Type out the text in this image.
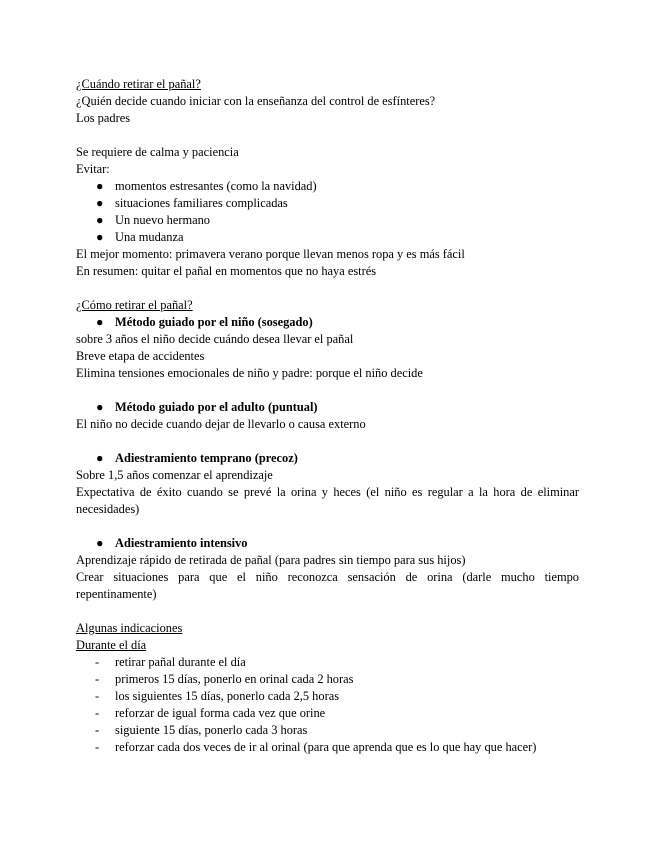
¿Cuándo retirar el pañal?

¿Quién decide cuando iniciar con la enseñanza del control de esfínteres?

Los padres

Se requiere de calma y paciencia

Evitar:

● momentos estresantes (como la navidad)
● situaciones familiares complicadas
● Un nuevo hermano
● Una mudanza

El mejor momento: primavera verano porque llevan menos ropa y es más fácil

En resumen: quitar el pañal en momentos que no haya estrés

¿Cómo retirar el pañal?

● Método guiado por el niño (sosegado)

sobre 3 años el niño decide cuándo desea llevar el pañal

Breve etapa de accidentes

Elimina tensiones emocionales de niño y padre: porque el niño decide

● Método guiado por el adulto (puntual)

El niño no decide cuando dejar de llevarlo o causa externo

● Adiestramiento temprano (precoz)

Sobre 1,5 años comenzar el aprendizaje

Expectativa de éxito cuando se prevé la orina y heces (el niño es regular a la hora de eliminar necesidades)

● Adiestramiento intensivo

Aprendizaje rápido de retirada de pañal (para padres sin tiempo para sus hijos)

Crear situaciones para que el niño reconozca sensación de orina (darle mucho tiempo repentinamente)

Algunas indicaciones

Durante el día

- retirar pañal durante el día
- primeros 15 días, ponerlo en orinal cada 2 horas
- los siguientes 15 días, ponerlo cada 2,5 horas
- reforzar de igual forma cada vez que orine
- siguiente 15 días, ponerlo cada 3 horas
- reforzar cada dos veces de ir al orinal (para que aprenda que es lo que hay que hacer)
